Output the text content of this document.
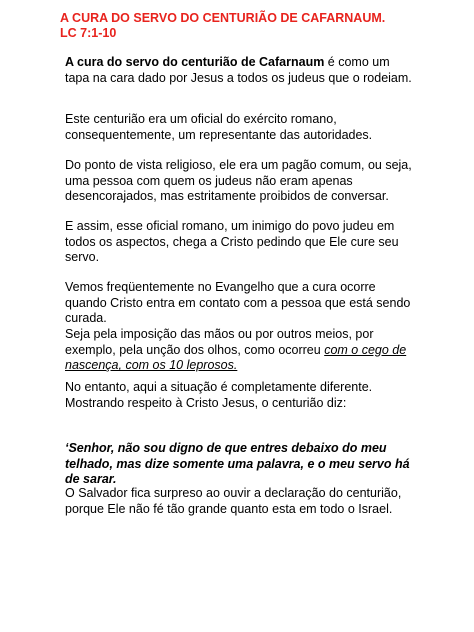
A CURA DO SERVO DO CENTURIÃO DE CAFARNAUM.
LC 7:1-10

A cura do servo do centurião de Cafarnaum é como um tapa na cara dado por Jesus a todos os judeus que o rodeiam.

Este centurião era um oficial do exército romano, consequentemente, um representante das autoridades.

Do ponto de vista religioso, ele era um pagão comum, ou seja, uma pessoa com quem os judeus não eram apenas desencorajados, mas estritamente proibidos de conversar.

E assim, esse oficial romano, um inimigo do povo judeu em todos os aspectos, chega a Cristo pedindo que Ele cure seu servo.

Vemos freqüentemente no Evangelho que a cura ocorre quando Cristo entra em contato com a pessoa que está sendo curada.

Seja pela imposição das mãos ou por outros meios, por exemplo, pela unção dos olhos, como ocorreu com o cego de nascença, com os 10 leprosos.

No entanto, aqui a situação é completamente diferente. Mostrando respeito à Cristo Jesus, o centurião diz:

‘Senhor, não sou digno de que entres debaixo do meu telhado, mas dize somente uma palavra, e o meu servo há de sarar.

O Salvador fica surpreso ao ouvir a declaração do centurião, porque Ele não fé tão grande quanto esta em todo o Israel.
